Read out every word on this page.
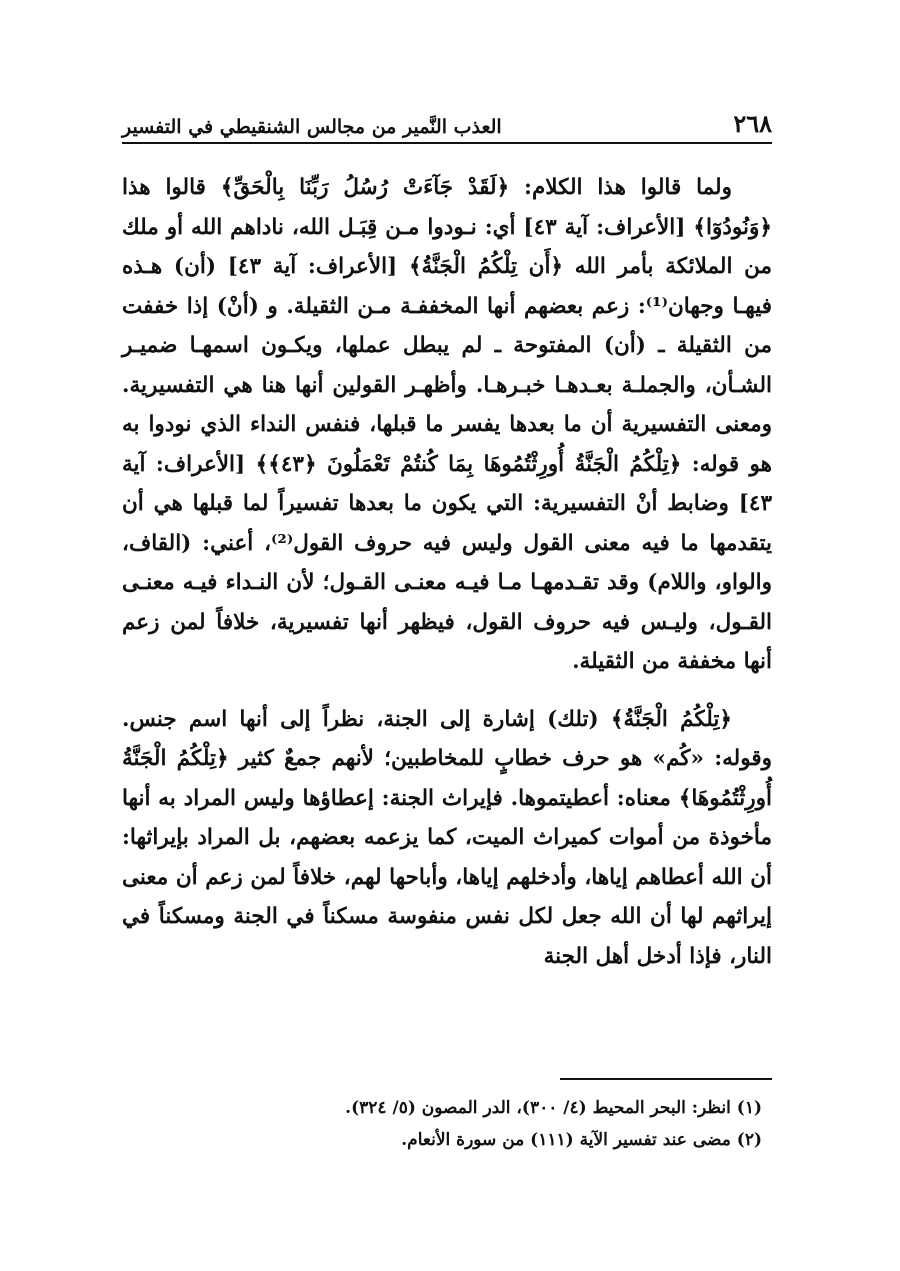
٢٦٨
العذب النَّمير من مجالس الشنقيطي في التفسير

ولما قالوا هذا الكلام: ﴿لَقَدْ جَآءَتْ رُسُلُ رَبِّنَا بِالْحَقِّ﴾ قالوا هذا ﴿وَنُودُوٓا﴾ [الأعراف: آية ٤٣] أي: نـودوا مـن قِبَـل الله، ناداهم الله أو ملك من الملائكة بأمر الله ﴿أَن تِلْكُمُ الْجَنَّةُ﴾ [الأعراف: آية ٤٣] (أن) هـذه فيهـا وجهان⁽¹⁾: زعم بعضهم أنها المخففـة مـن الثقيلة. و (أنْ) إذا خففت من الثقيلة ـ (أن) المفتوحة ـ لم يبطل عملها، ويكـون اسمهـا ضميـر الشـأن، والجملـة بعـدهـا خبـرهـا. وأظهـر القولين أنها هنا هي التفسيرية. ومعنى التفسيرية أن ما بعدها يفسر ما قبلها، فنفس النداء الذي نودوا به هو قوله: ﴿تِلْكُمُ الْجَنَّةُ أُورِثْتُمُوهَا بِمَا كُنتُمْ تَعْمَلُونَ ﴿٤٣﴾﴾ [الأعراف: آية ٤٣] وضابط أنْ التفسيرية: التي يكون ما بعدها تفسيراً لما قبلها هي أن يتقدمها ما فيه معنى القول وليس فيه حروف القول⁽²⁾، أعني: (القاف، والواو، واللام) وقد تقـدمهـا مـا فيـه معنـى القـول؛ لأن النـداء فيـه معنـى القـول، وليـس فيه حروف القول، فيظهر أنها تفسيرية، خلافاً لمن زعم أنها مخففة من الثقيلة.

﴿تِلْكُمُ الْجَنَّةُ﴾ (تلك) إشارة إلى الجنة، نظراً إلى أنها اسم جنس. وقوله: «كُم» هو حرف خطابٍ للمخاطبين؛ لأنهم جمعٌ كثير ﴿تِلْكُمُ الْجَنَّةُ أُورِثْتُمُوهَا﴾ معناه: أعطيتموها. فإيراث الجنة: إعطاؤها وليس المراد به أنها مأخوذة من أموات كميراث الميت، كما يزعمه بعضهم، بل المراد بإيراثها: أن الله أعطاهم إياها، وأدخلهم إياها، وأباحها لهم، خلافاً لمن زعم أن معنى إيراثهم لها أن الله جعل لكل نفس منفوسة مسكناً في الجنة ومسكناً في النار، فإذا أدخل أهل الجنة

(١) انظر: البحر المحيط (٤/ ٣٠٠)، الدر المصون (٥/ ٣٢٤).

(٢) مضى عند تفسير الآية (١١١) من سورة الأنعام.
